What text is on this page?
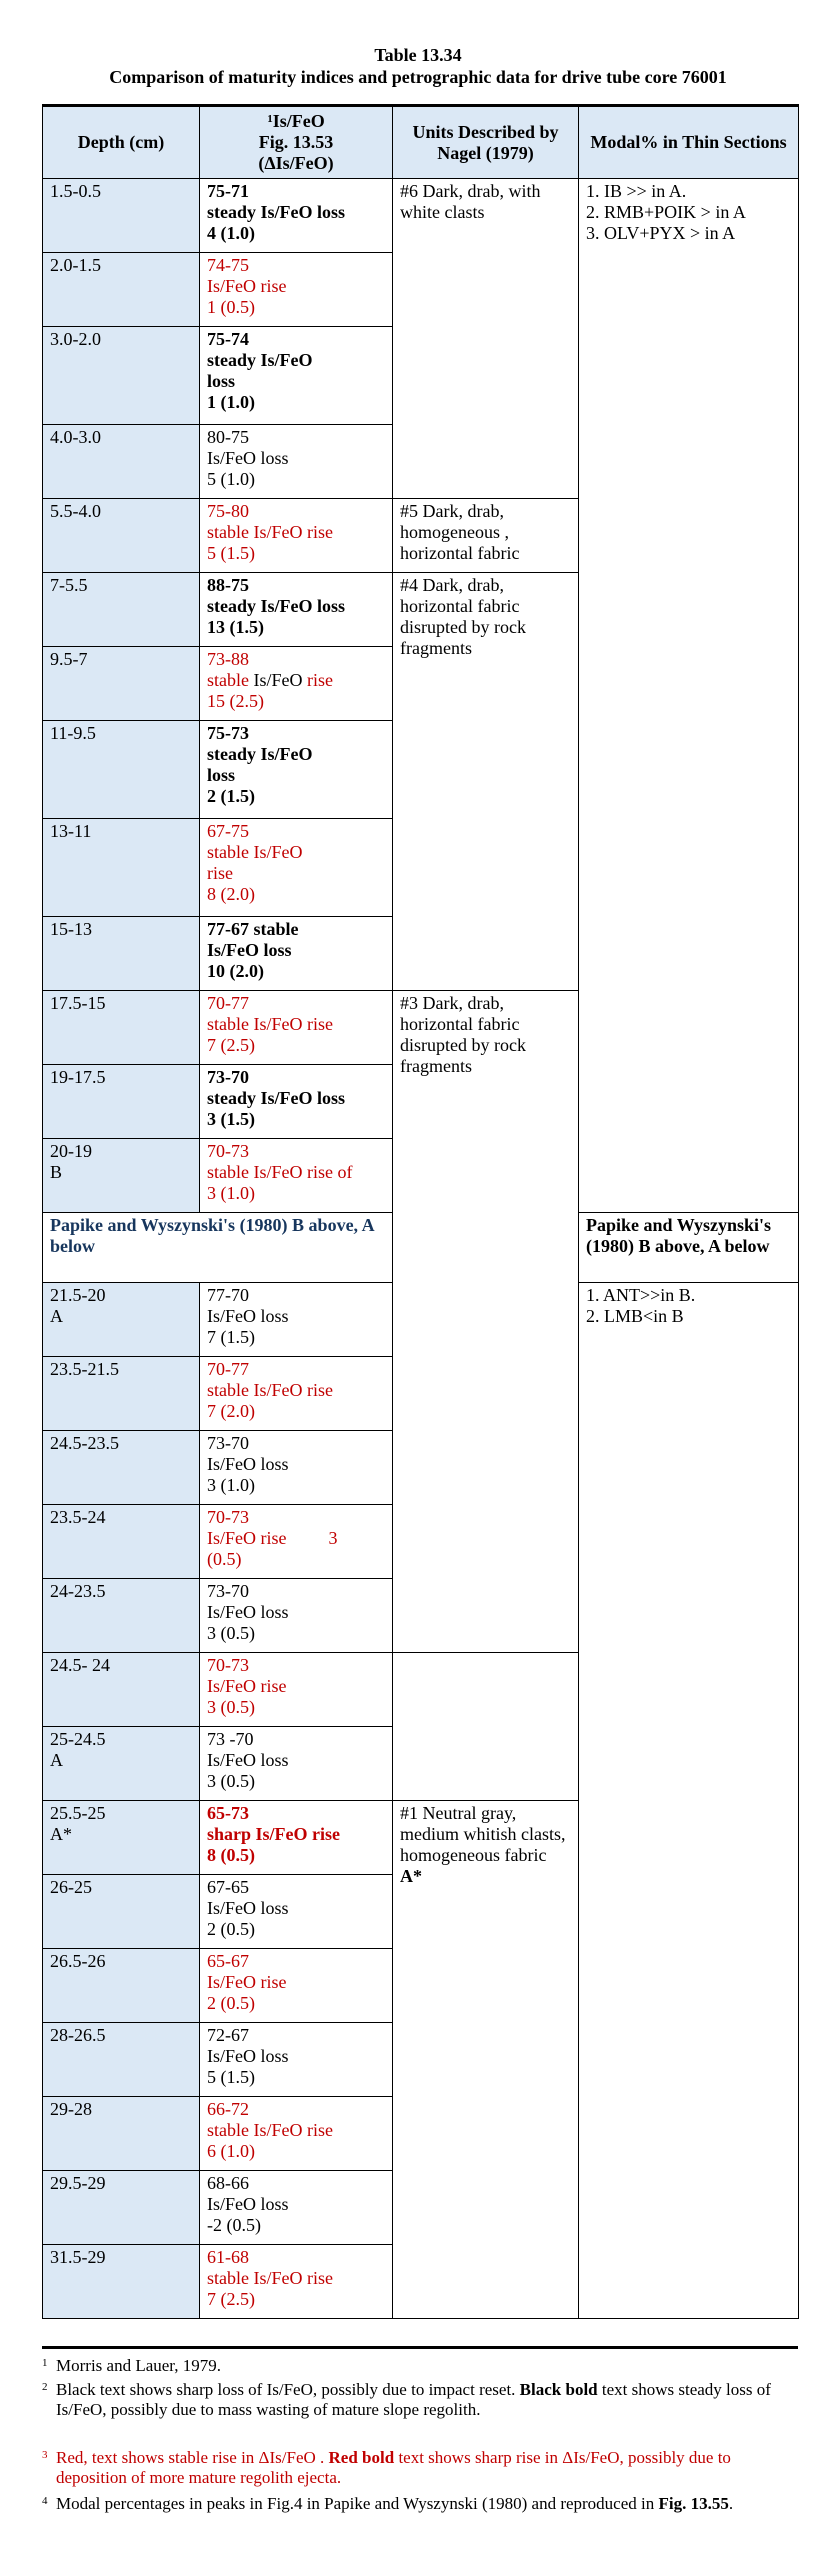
Table 13.34
Comparison of maturity indices and petrographic data for drive tube core 76001
Depth (cm)	$^1$Is/FeO
Fig. 13.53
(ΔIs/FeO)	Units Described by Nagel (1979)	Modal% in Thin Sections	
1.5-0.5	75-71
steady Is/FeO loss
4 (1.0)	#6 Dark, drab, with white clasts	1. IB >> in A.
2. RMB+POIK > in A
3. OLV+PYX > in A	

2.0-1.5	74-75
Is/FeO rise
1 (0.5)			

3.0-2.0	75-74
steady Is/FeO
loss
1 (1.0)			

4.0-3.0	80-75
Is/FeO loss
5 (1.0)			

5.5-4.0	75-80
stable Is/FeO rise
5 (1.5)	#5 Dark, drab, homogeneous , horizontal fabric		
7-5.5	88-75
steady Is/FeO loss
13 (1.5)	#4 Dark, drab, horizontal fabric disrupted by rock fragments		
9.5-7	73-88
stable Is/FeO rise
15 (2.5)			

11-9.5	75-73
steady Is/FeO
loss
2 (1.5)			

13-11	67-75
stable Is/FeO
rise
8 (2.0)			

15-13	77-67 stable
Is/FeO loss
10 (2.0)			

17.5-15	70-77
stable Is/FeO rise
7 (2.5)	#3 Dark, drab, horizontal fabric disrupted by rock fragments		
19-17.5	73-70
steady Is/FeO loss
3 (1.5)			

20-19
B	70-73
stable Is/FeO rise of
3 (1.0)			

Papike and Wyszynski's (1980) B above, A below			Papike and Wyszynski's (1980) B above, A below	

21.5-20
A	77-70
Is/FeO loss
7 (1.5)		1. ANT>>in B.
2. LMB<in B	

23.5-21.5	70-77
stable Is/FeO rise
7 (2.0)			

24.5-23.5	73-70
Is/FeO loss
3 (1.0)

23.5-24	70-73
Is/FeO rise 3
(0.5)			

24-23.5	73-70
Is/FeO loss
3 (0.5)			

24.5- 24	70-73
Is/FeO rise
3 (0.5)			

25-24.5
A	73 -70
Is/FeO loss
3 (0.5)			

25.5-25
A*	65-73
sharp Is/FeO rise
8 (0.5)	#1 Neutral gray, medium whitish clasts, homogeneous fabric
A*		

26-25	67-65
Is/FeO loss
2 (0.5)			

26.5-26	65-67
Is/FeO rise
2 (0.5)			

28-26.5	72-67
Is/FeO loss
5 (1.5)			

29-28	66-72
stable Is/FeO rise
6 (1.0)			

29.5-29	68-66
Is/FeO loss
-2 (0.5)			

31.5-29	61-68
stable Is/FeO rise
7 (2.5)			
1 Morris and Lauer, 1979.
2 Black text shows sharp loss of Is/FeO, possibly due to impact reset. Black bold text shows steady loss of Is/FeO, possibly due to mass wasting of mature slope regolith.
3 Red, text shows stable rise in ΔIs/FeO . Red bold text shows sharp rise in ΔIs/FeO, possibly due to deposition of more mature regolith ejecta.
4 Modal percentages in peaks in Fig.4 in Papike and Wyszynski (1980) and reproduced in Fig. 13.55.
